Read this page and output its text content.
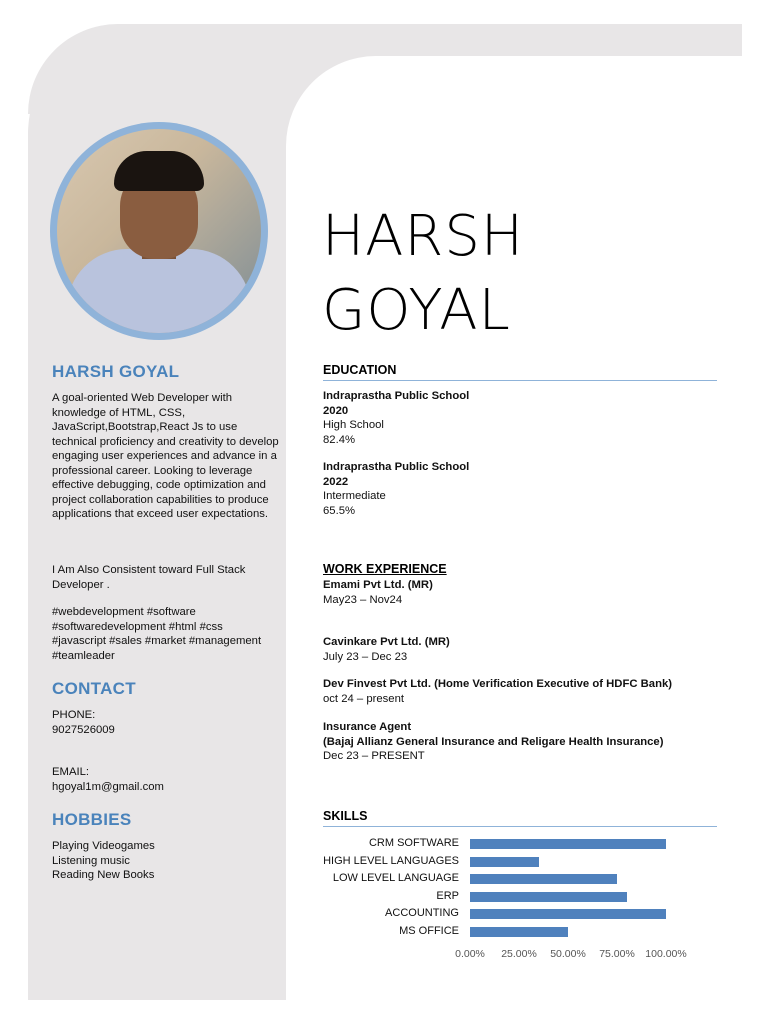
HARSH GOYAL

A goal-oriented Web Developer with knowledge of HTML, CSS, JavaScript,Bootstrap,React Js to use technical proficiency and creativity to develop engaging user experiences and advance in a professional career. Looking to leverage effective debugging, code optimization and project collaboration capabilities to produce applications that exceed user expectations.

I Am Also Consistent toward Full Stack Developer .

#webdevelopment #software #softwaredevelopment #html #css #javascript #sales #market #management #teamleader

CONTACT

PHONE:

9027526009

EMAIL:

hgoyal1m@gmail.com

HOBBIES

Playing Videogames

Listening music

Reading New Books

HARSH
GOYAL
EDUCATION
Indraprastha Public School
2020
High School
82.4%
Indraprastha Public School
2022
Intermediate
65.5%
WORK EXPERIENCE
Emami Pvt Ltd. (MR)
May23 – Nov24
Cavinkare Pvt Ltd. (MR)
July 23 – Dec 23
Dev Finvest Pvt Ltd. (Home Verification Executive of HDFC Bank)
oct 24 – present
Insurance Agent
(Bajaj Allianz General Insurance and Religare Health Insurance)
Dec 23 – PRESENT
SKILLS
CRM SOFTWARE
HIGH LEVEL LANGUAGES
LOW LEVEL LANGUAGE
ERP
ACCOUNTING
MS OFFICE
0.00% 25.00% 50.00% 75.00% 100.00%
